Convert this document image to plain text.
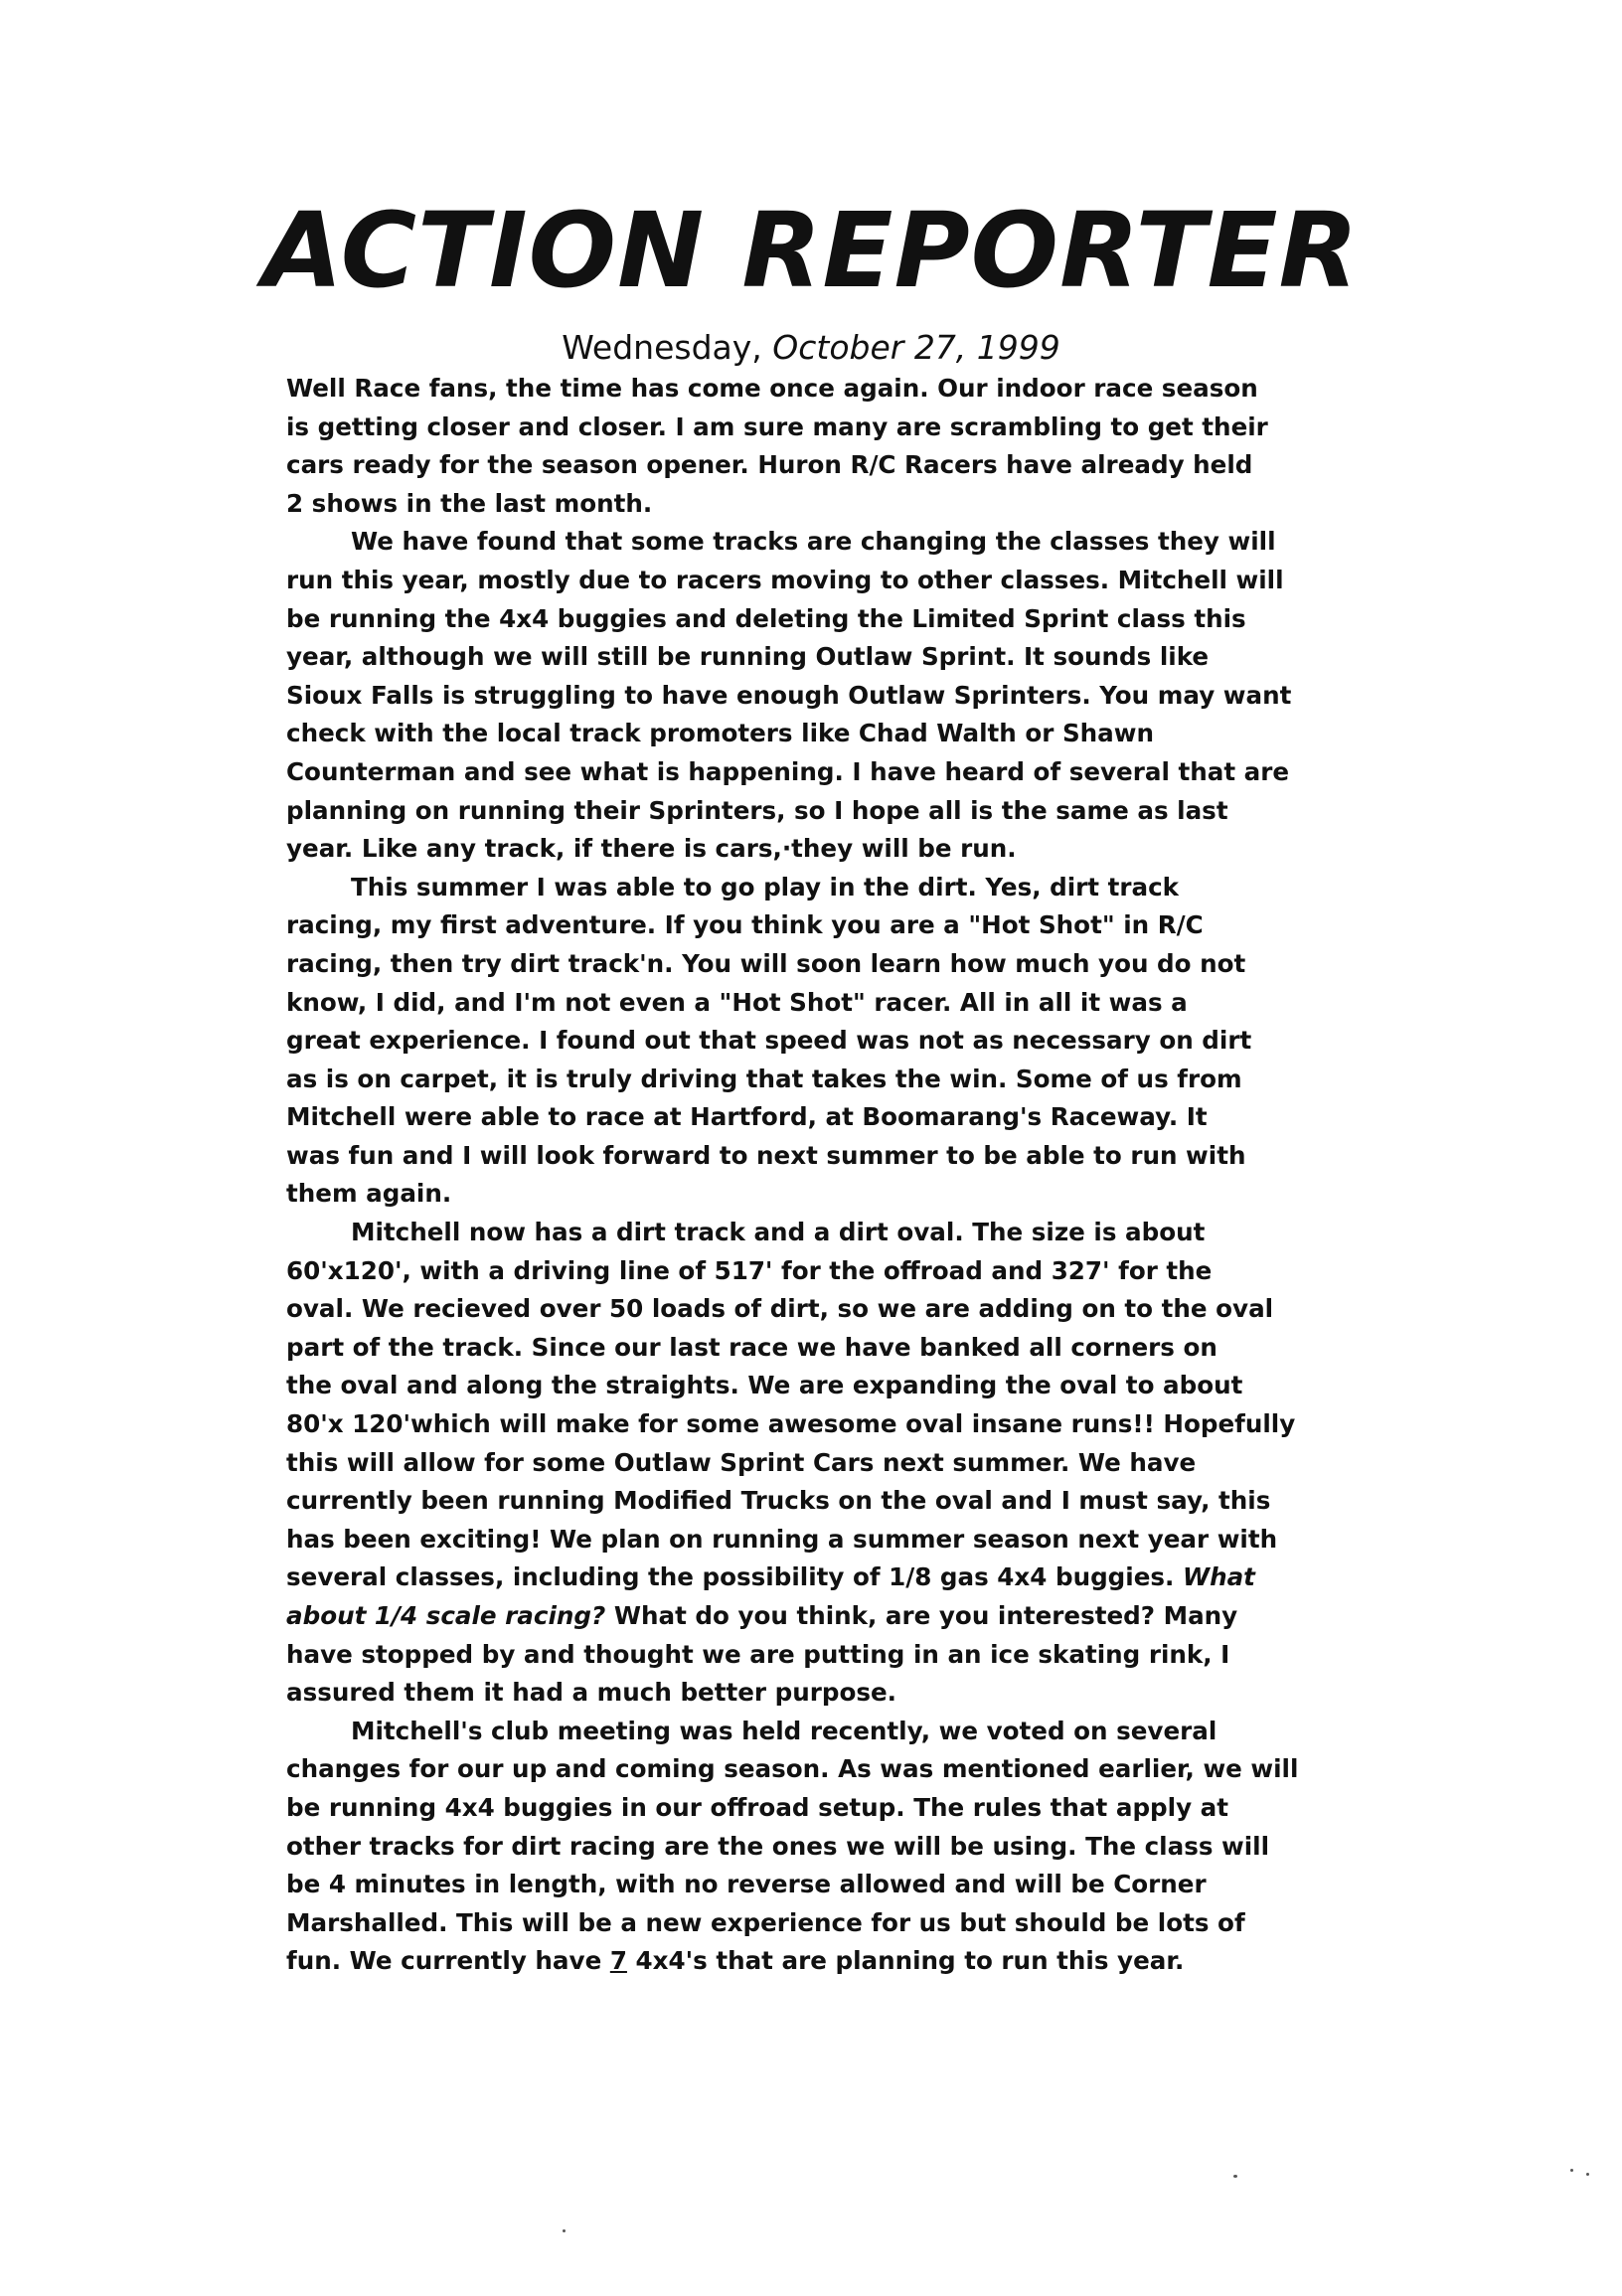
ACTION REPORTER
Wednesday, October 27, 1999
Well Race fans, the time has come once again. Our indoor race season
is getting closer and closer. I am sure many are scrambling to get their
cars ready for the season opener. Huron R/C Racers have already held
2 shows in the last month.
We have found that some tracks are changing the classes they will
run this year, mostly due to racers moving to other classes. Mitchell will
be running the 4x4 buggies and deleting the Limited Sprint class this
year, although we will still be running Outlaw Sprint. It sounds like
Sioux Falls is struggling to have enough Outlaw Sprinters. You may want
check with the local track promoters like Chad Walth or Shawn
Counterman and see what is happening. I have heard of several that are
planning on running their Sprinters, so I hope all is the same as last
year. Like any track, if there is cars,·they will be run.
This summer I was able to go play in the dirt. Yes, dirt track
racing, my first adventure. If you think you are a "Hot Shot" in R/C
racing, then try dirt track'n. You will soon learn how much you do not
know, I did, and I'm not even a "Hot Shot" racer. All in all it was a
great experience. I found out that speed was not as necessary on dirt
as is on carpet, it is truly driving that takes the win. Some of us from
Mitchell were able to race at Hartford, at Boomarang's Raceway. It
was fun and I will look forward to next summer to be able to run with
them again.
Mitchell now has a dirt track and a dirt oval. The size is about
60'x120', with a driving line of 517' for the offroad and 327' for the
oval. We recieved over 50 loads of dirt, so we are adding on to the oval
part of the track. Since our last race we have banked all corners on
the oval and along the straights. We are expanding the oval to about
80'x 120'which will make for some awesome oval insane runs!! Hopefully
this will allow for some Outlaw Sprint Cars next summer. We have
currently been running Modified Trucks on the oval and I must say, this
has been exciting! We plan on running a summer season next year with
several classes, including the possibility of 1/8 gas 4x4 buggies. What
about 1/4 scale racing? What do you think, are you interested? Many
have stopped by and thought we are putting in an ice skating rink, I
assured them it had a much better purpose.
Mitchell's club meeting was held recently, we voted on several
changes for our up and coming season. As was mentioned earlier, we will
be running 4x4 buggies in our offroad setup. The rules that apply at
other tracks for dirt racing are the ones we will be using. The class will
be 4 minutes in length, with no reverse allowed and will be Corner
Marshalled. This will be a new experience for us but should be lots of
fun. We currently have 7 4x4's that are planning to run this year.
